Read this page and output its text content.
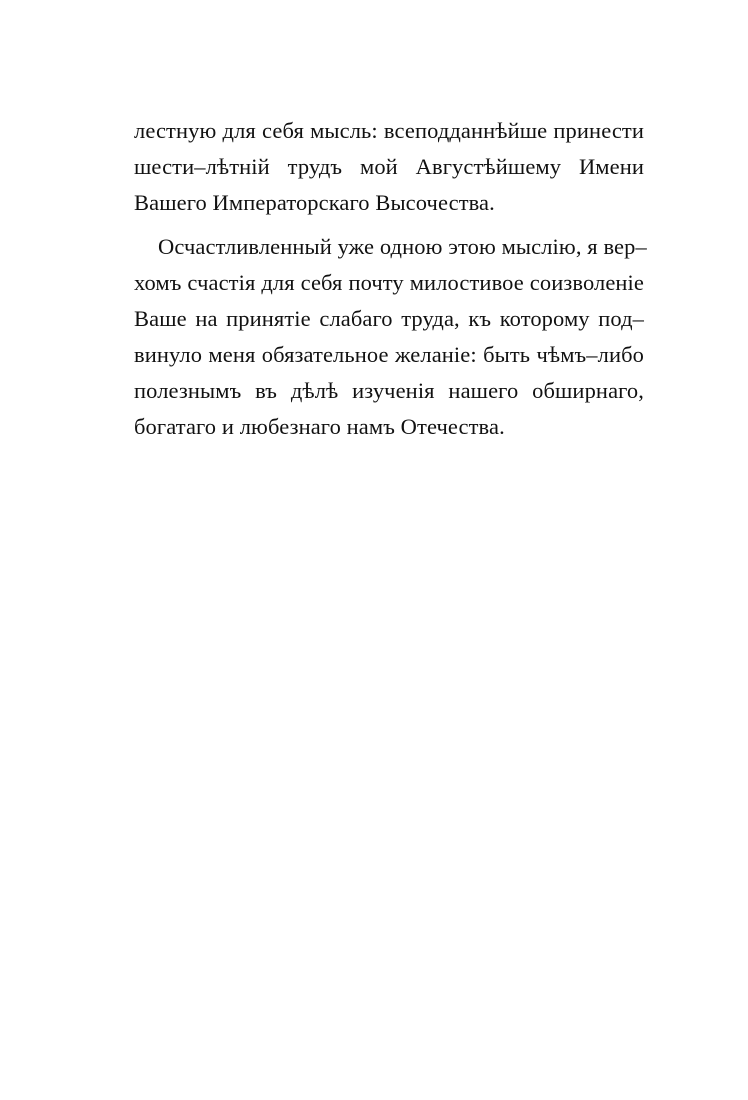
лестную для себя мысль: всеподданнѣйше принести
шести–лѣтній трудъ мой Августѣйшему Имени
Вашего Императорскаго Высочества.
Осчастливленный уже одною этою мыслію, я вер–
хомъ счастія для себя почту милостивое соизволеніе
Ваше на принятіе слабаго труда, къ которому под–
винуло меня обязательное желаніе: быть чѣмъ–либо
полезнымъ въ дѣлѣ изученія нашего обширнаго,
богатаго и любезнаго намъ Отечества.
